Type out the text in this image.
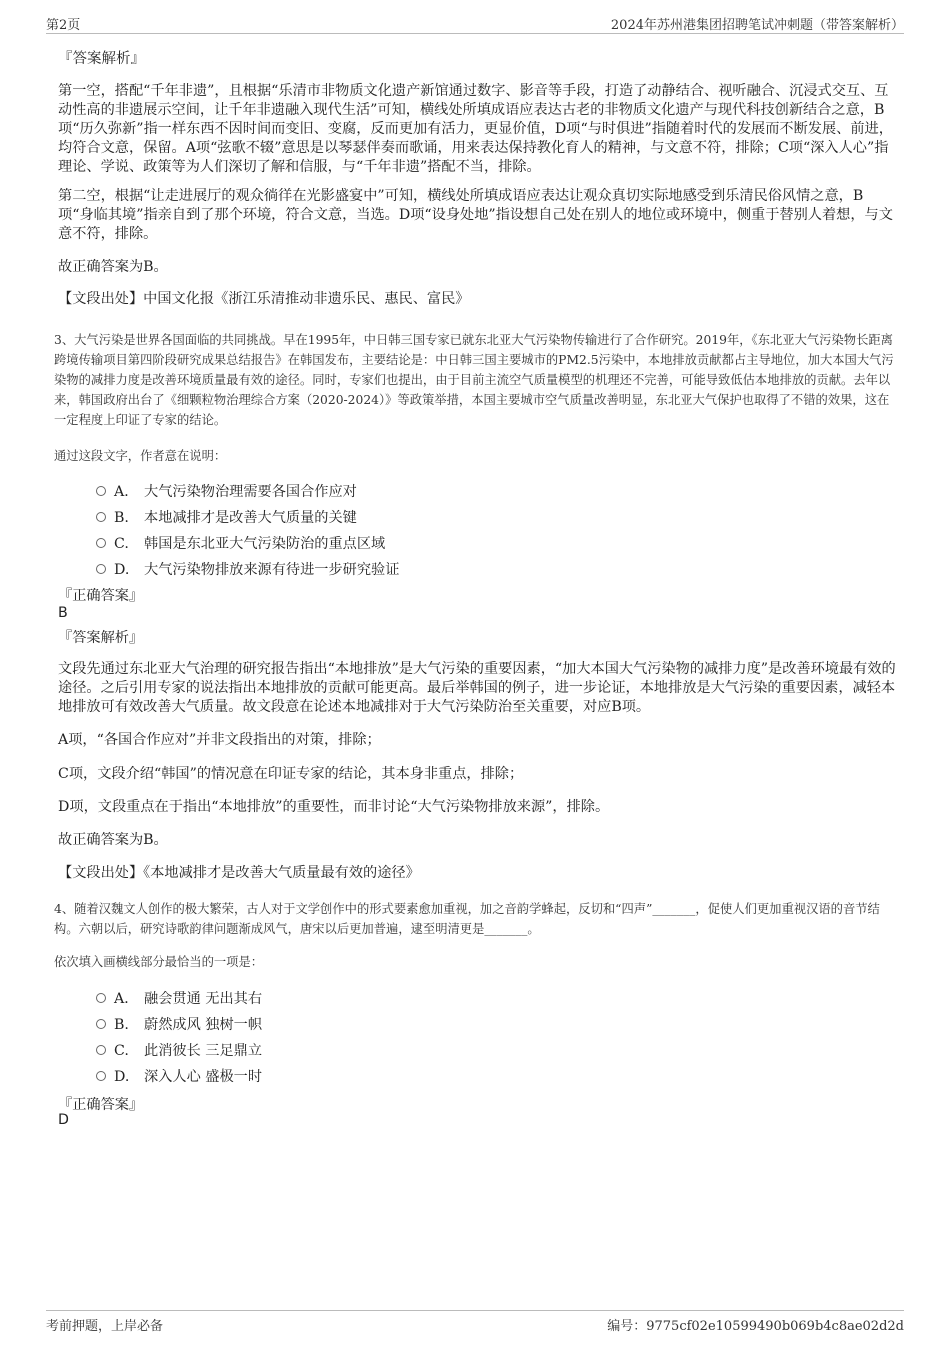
第2页	2024年苏州港集团招聘笔试冲刺题（带答案解析）
『答案解析』
第一空，搭配“千年非遗”，且根据“乐清市非物质文化遗产新馆通过数字、影音等手段，打造了动静结合、视听融合、沉浸式交互、互动性高的非遗展示空间，让千年非遗融入现代生活”可知，横线处所填成语应表达古老的非物质文化遗产与现代科技创新结合之意，B项“历久弥新”指一样东西不因时间而变旧、变腐，反而更加有活力，更显价值，D项“与时俱进”指随着时代的发展而不断发展、前进，均符合文意，保留。A项“弦歌不辍”意思是以琴瑟伴奏而歌诵，用来表达保持教化育人的精神，与文意不符，排除；C项“深入人心”指理论、学说、政策等为人们深切了解和信服，与“千年非遗”搭配不当，排除。
第二空，根据“让走进展厅的观众徜徉在光影盛宴中”可知，横线处所填成语应表达让观众真切实际地感受到乐清民俗风情之意，B项“身临其境”指亲自到了那个环境，符合文意，当选。D项“设身处地”指设想自己处在别人的地位或环境中，侧重于替别人着想，与文意不符，排除。
故正确答案为B。
【文段出处】中国文化报《浙江乐清推动非遗乐民、惠民、富民》
3、大气污染是世界各国面临的共同挑战。早在1995年，中日韩三国专家已就东北亚大气污染物传输进行了合作研究。2019年，《东北亚大气污染物长距离跨境传输项目第四阶段研究成果总结报告》在韩国发布，主要结论是：中日韩三国主要城市的PM2.5污染中，本地排放贡献都占主导地位，加大本国大气污染物的减排力度是改善环境质量最有效的途径。同时，专家们也提出，由于目前主流空气质量模型的机理还不完善，可能导致低估本地排放的贡献。去年以来，韩国政府出台了《细颗粒物治理综合方案（2020-2024）》等政策举措，本国主要城市空气质量改善明显，东北亚大气保护也取得了不错的效果，这在一定程度上印证了专家的结论。
通过这段文字，作者意在说明：
A． 大气污染物治理需要各国合作应对
B. 本地减排才是改善大气质量的关键
C. 韩国是东北亚大气污染防治的重点区域
D. 大气污染物排放来源有待进一步研究验证
『正确答案』
B
『答案解析』
文段先通过东北亚大气治理的研究报告指出“本地排放”是大气污染的重要因素，“加大本国大气污染物的减排力度”是改善环境最有效的途径。之后引用专家的说法指出本地排放的贡献可能更高。最后举韩国的例子，进一步论证，本地排放是大气污染的重要因素，减轻本地排放可有效改善大气质量。故文段意在论述本地减排对于大气污染防治至关重要，对应B项。
A项，“各国合作应对”并非文段指出的对策，排除；
C项，文段介绍“韩国”的情况意在印证专家的结论，其本身非重点，排除；
D项，文段重点在于指出“本地排放”的重要性，而非讨论“大气污染物排放来源”，排除。
故正确答案为B。
【文段出处】《本地减排才是改善大气质量最有效的途径》
4、随着汉魏文人创作的极大繁荣，古人对于文学创作中的形式要素愈加重视，加之音韵学蜂起，反切和“四声”_______，促使人们更加重视汉语的音节结构。六朝以后，研究诗歌韵律问题渐成风气，唐宋以后更加普遍，逮至明清更是_______。
依次填入画横线部分最恰当的一项是：
A． 融会贯通 无出其右
B. 蔚然成风 独树一帜
C. 此消彼长 三足鼎立
D. 深入人心 盛极一时
『正确答案』
D
考前押题，上岸必备	编号：9775cf02e10599490b069b4c8ae02d2d
